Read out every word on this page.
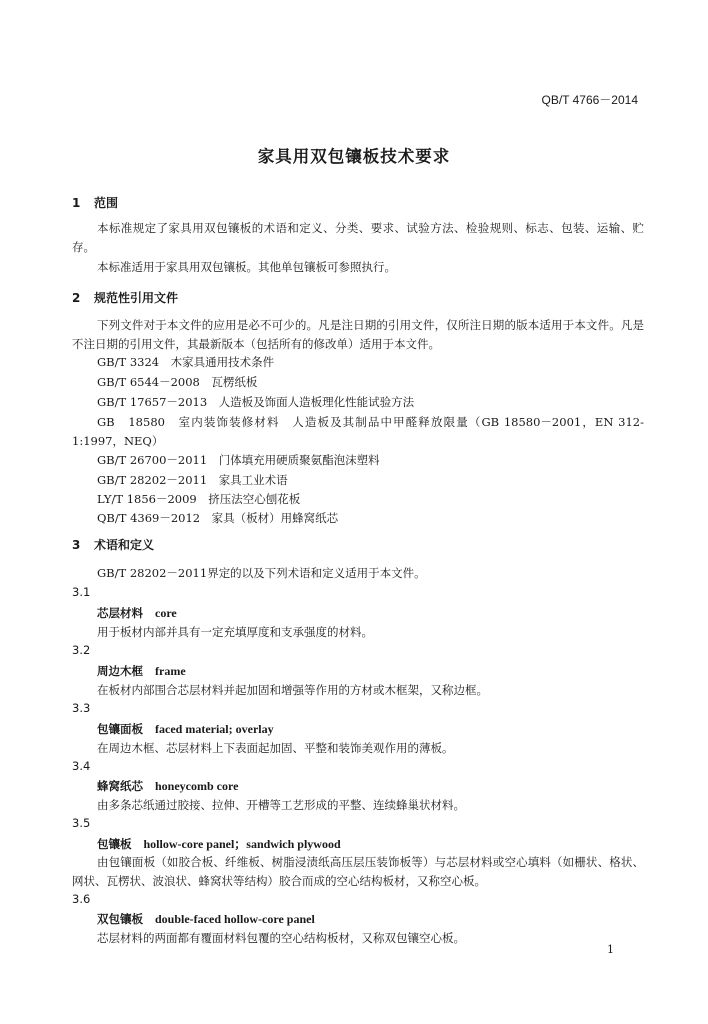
QB/T 4766－2014
家具用双包镶板技术要求
1 范围
本标准规定了家具用双包镶板的术语和定义、分类、要求、试验方法、检验规则、标志、包装、运输、贮存。
本标准适用于家具用双包镶板。其他单包镶板可参照执行。
2 规范性引用文件
下列文件对于本文件的应用是必不可少的。凡是注日期的引用文件，仅所注日期的版本适用于本文件。凡是不注日期的引用文件，其最新版本（包括所有的修改单）适用于本文件。
GB/T 3324　木家具通用技术条件
GB/T 6544－2008　瓦楞纸板
GB/T 17657－2013　人造板及饰面人造板理化性能试验方法
GB　18580　室内装饰装修材料　人造板及其制品中甲醛释放限量（GB 18580－2001，EN 312-1:1997，NEQ）
GB/T 26700－2011　门体填充用硬质聚氨酯泡沫塑料
GB/T 28202－2011　家具工业术语
LY/T 1856－2009　挤压法空心刨花板
QB/T 4369－2012　家具（板材）用蜂窝纸芯
3 术语和定义
GB/T 28202－2011界定的以及下列术语和定义适用于本文件。
3.1
芯层材料 core
用于板材内部并具有一定充填厚度和支承强度的材料。
3.2
周边木框 frame
在板材内部围合芯层材料并起加固和增强等作用的方材或木框架，又称边框。
3.3
包镶面板 faced material; overlay
在周边木框、芯层材料上下表面起加固、平整和装饰美观作用的薄板。
3.4
蜂窝纸芯 honeycomb core
由多条芯纸通过胶接、拉伸、开槽等工艺形成的平整、连续蜂巢状材料。
3.5
包镶板 hollow-core panel；sandwich plywood
由包镶面板（如胶合板、纤维板、树脂浸渍纸高压层压装饰板等）与芯层材料或空心填料（如栅状、格状、网状、瓦楞状、波浪状、蜂窝状等结构）胶合而成的空心结构板材，又称空心板。
3.6
双包镶板 double-faced hollow-core panel
芯层材料的两面都有覆面材料包覆的空心结构板材，又称双包镶空心板。
1
